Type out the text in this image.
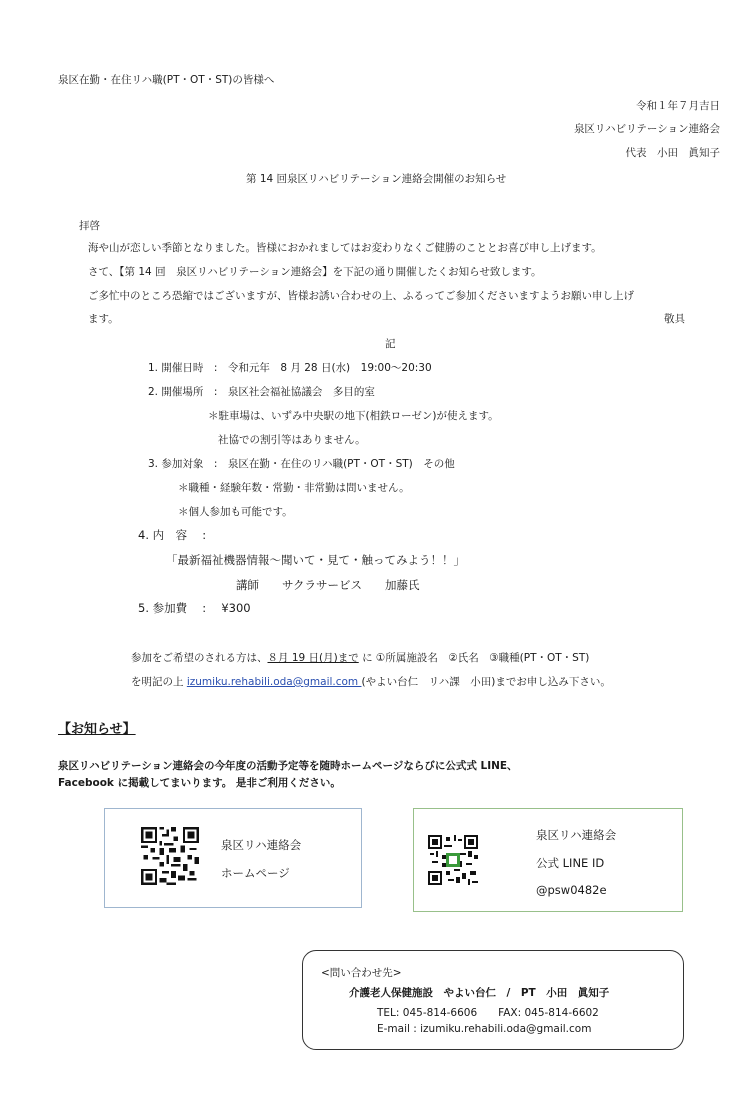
泉区在勤・在住リハ職(PT・OT・ST)の皆様へ
令和１年７月吉日
泉区リハビリテーション連絡会
代表　小田　眞知子
第 14 回泉区リハビリテーション連絡会開催のお知らせ
拝啓
海や山が恋しい季節となりました。皆様におかれましてはお変わりなくご健勝のこととお喜び申し上げます。
さて、【第 14 回　泉区リハビリテーション連絡会】を下記の通り開催したくお知らせ致します。
ご多忙中のところ恐縮ではございますが、皆様お誘い合わせの上、ふるってご参加くださいますようお願い申し上げ
ます。	敬具
記
1. 開催日時　:　令和元年　8 月 28 日(水)　19:00～20:30
2. 開催場所　:　泉区社会福祉協議会　多目的室
＊駐車場は、いずみ中央駅の地下(相鉄ローゼン)が使えます。
社協での割引等はありません。
3. 参加対象　:　泉区在勤・在住のリハ職(PT・OT・ST)　その他
＊職種・経験年数・常勤・非常勤は問いません。
＊個人参加も可能です。
4. 内　容　 :
「最新福祉機器情報～聞いて・見て・触ってみよう！！」
講師　　サクラサービス　　加藤氏
5. 参加費　 :　 ¥300
参加をご希望のされる方は、８月 19 日(月)まで に ①所属施設名　②氏名　③職種(PT・OT・ST)
を明記の上 izumiku.rehabili.oda@gmail.com (やよい台仁　リハ課　小田)までお申し込み下さい。
【お知らせ】
泉区リハビリテーション連絡会の今年度の活動予定等を随時ホームページならびに公式式 LINE、
Facebook に掲載してまいります。 是非ご利用ください。
泉区リハ連絡会
ホームページ
泉区リハ連絡会
公式 LINE ID
@psw0482e
<問い合わせ先>
介護老人保健施設　やよい台仁　/　PT　小田　眞知子
TEL: 045-814-6606　　FAX: 045-814-6602
E-mail : izumiku.rehabili.oda@gmail.com
